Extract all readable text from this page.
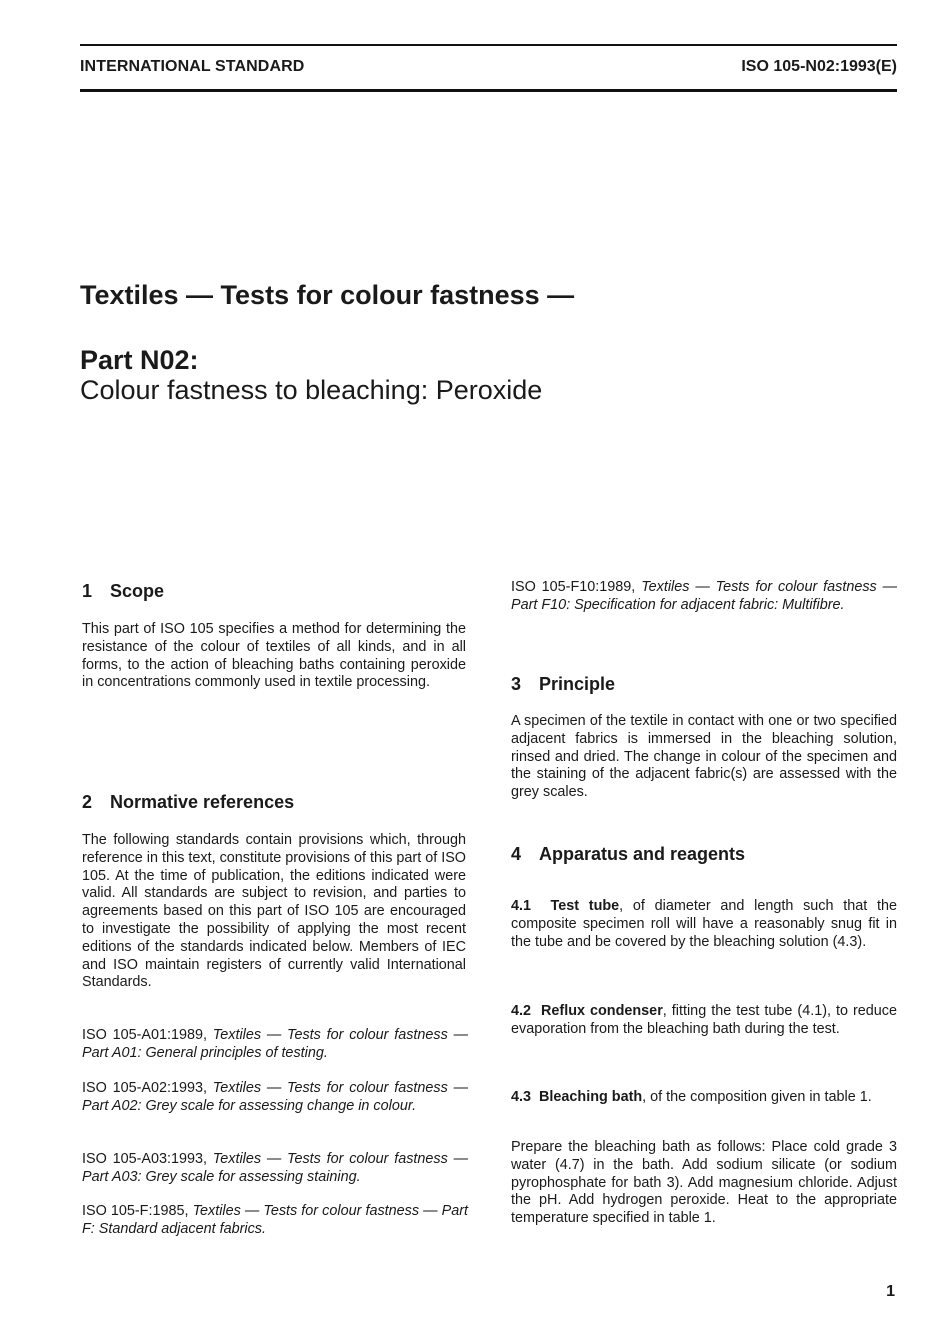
INTERNATIONAL STANDARD	ISO 105-N02:1993(E)
Textiles — Tests for colour fastness —
Part N02:
Colour fastness to bleaching: Peroxide
1 Scope
This part of ISO 105 specifies a method for determining the resistance of the colour of textiles of all kinds, and in all forms, to the action of bleaching baths containing peroxide in concentrations commonly used in textile processing.
2 Normative references
The following standards contain provisions which, through reference in this text, constitute provisions of this part of ISO 105. At the time of publication, the editions indicated were valid. All standards are subject to revision, and parties to agreements based on this part of ISO 105 are encouraged to investigate the possibility of applying the most recent editions of the standards indicated below. Members of IEC and ISO maintain registers of currently valid International Standards.
ISO 105-A01:1989, Textiles — Tests for colour fastness — Part A01: General principles of testing.
ISO 105-A02:1993, Textiles — Tests for colour fastness — Part A02: Grey scale for assessing change in colour.
ISO 105-A03:1993, Textiles — Tests for colour fastness — Part A03: Grey scale for assessing staining.
ISO 105-F:1985, Textiles — Tests for colour fastness — Part F: Standard adjacent fabrics.
ISO 105-F10:1989, Textiles — Tests for colour fastness — Part F10: Specification for adjacent fabric: Multifibre.
3 Principle
A specimen of the textile in contact with one or two specified adjacent fabrics is immersed in the bleaching solution, rinsed and dried. The change in colour of the specimen and the staining of the adjacent fabric(s) are assessed with the grey scales.
4 Apparatus and reagents
4.1 Test tube, of diameter and length such that the composite specimen roll will have a reasonably snug fit in the tube and be covered by the bleaching solution (4.3).
4.2 Reflux condenser, fitting the test tube (4.1), to reduce evaporation from the bleaching bath during the test.
4.3 Bleaching bath, of the composition given in table 1.
Prepare the bleaching bath as follows: Place cold grade 3 water (4.7) in the bath. Add sodium silicate (or sodium pyrophosphate for bath 3). Add magnesium chloride. Adjust the pH. Add hydrogen peroxide. Heat to the appropriate temperature specified in table 1.
1
